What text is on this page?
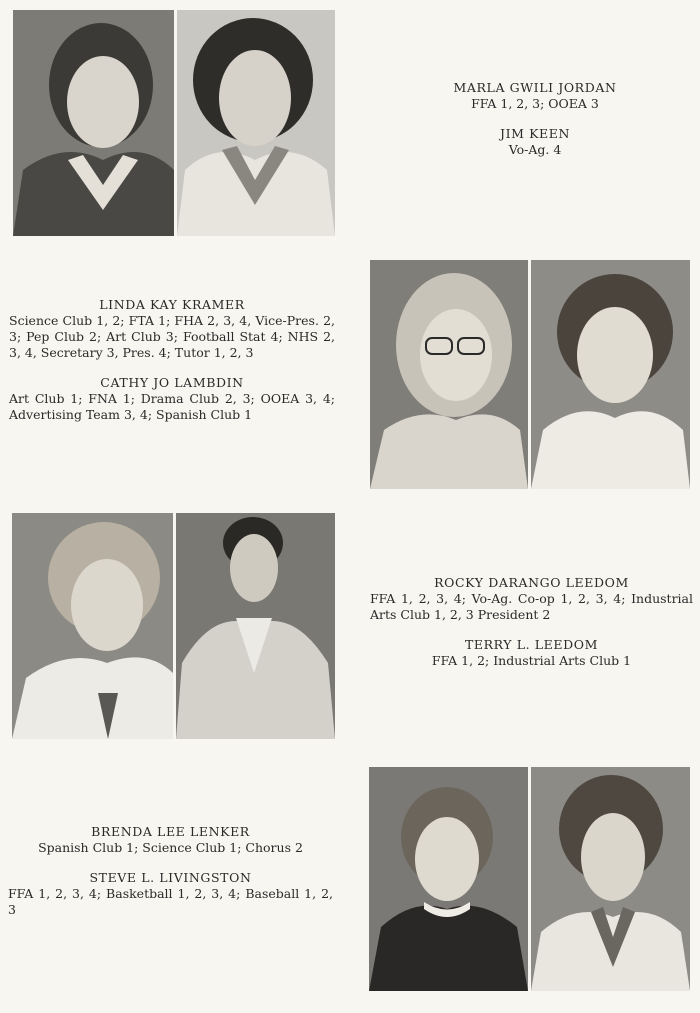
MARLA GWILI JORDAN
FFA 1, 2, 3; OOEA 3
JIM KEEN
Vo-Ag. 4
LINDA KAY KRAMER
Science Club 1, 2; FTA 1; FHA 2, 3, 4, Vice-Pres. 2, 3; Pep Club 2; Art Club 3; Football Stat 4; NHS 2, 3, 4, Secretary 3, Pres. 4; Tutor 1, 2, 3
CATHY JO LAMBDIN
Art Club 1; FNA 1; Drama Club 2, 3; OOEA 3, 4; Advertising Team 3, 4; Spanish Club 1
ROCKY DARANGO LEEDOM
FFA 1, 2, 3, 4; Vo-Ag. Co-op 1, 2, 3, 4; Industrial Arts Club 1, 2, 3 President 2
TERRY L. LEEDOM
FFA 1, 2; Industrial Arts Club 1
BRENDA LEE LENKER
Spanish Club 1; Science Club 1; Chorus 2
STEVE L. LIVINGSTON
FFA 1, 2, 3, 4; Basketball 1, 2, 3, 4; Baseball 1, 2, 3
